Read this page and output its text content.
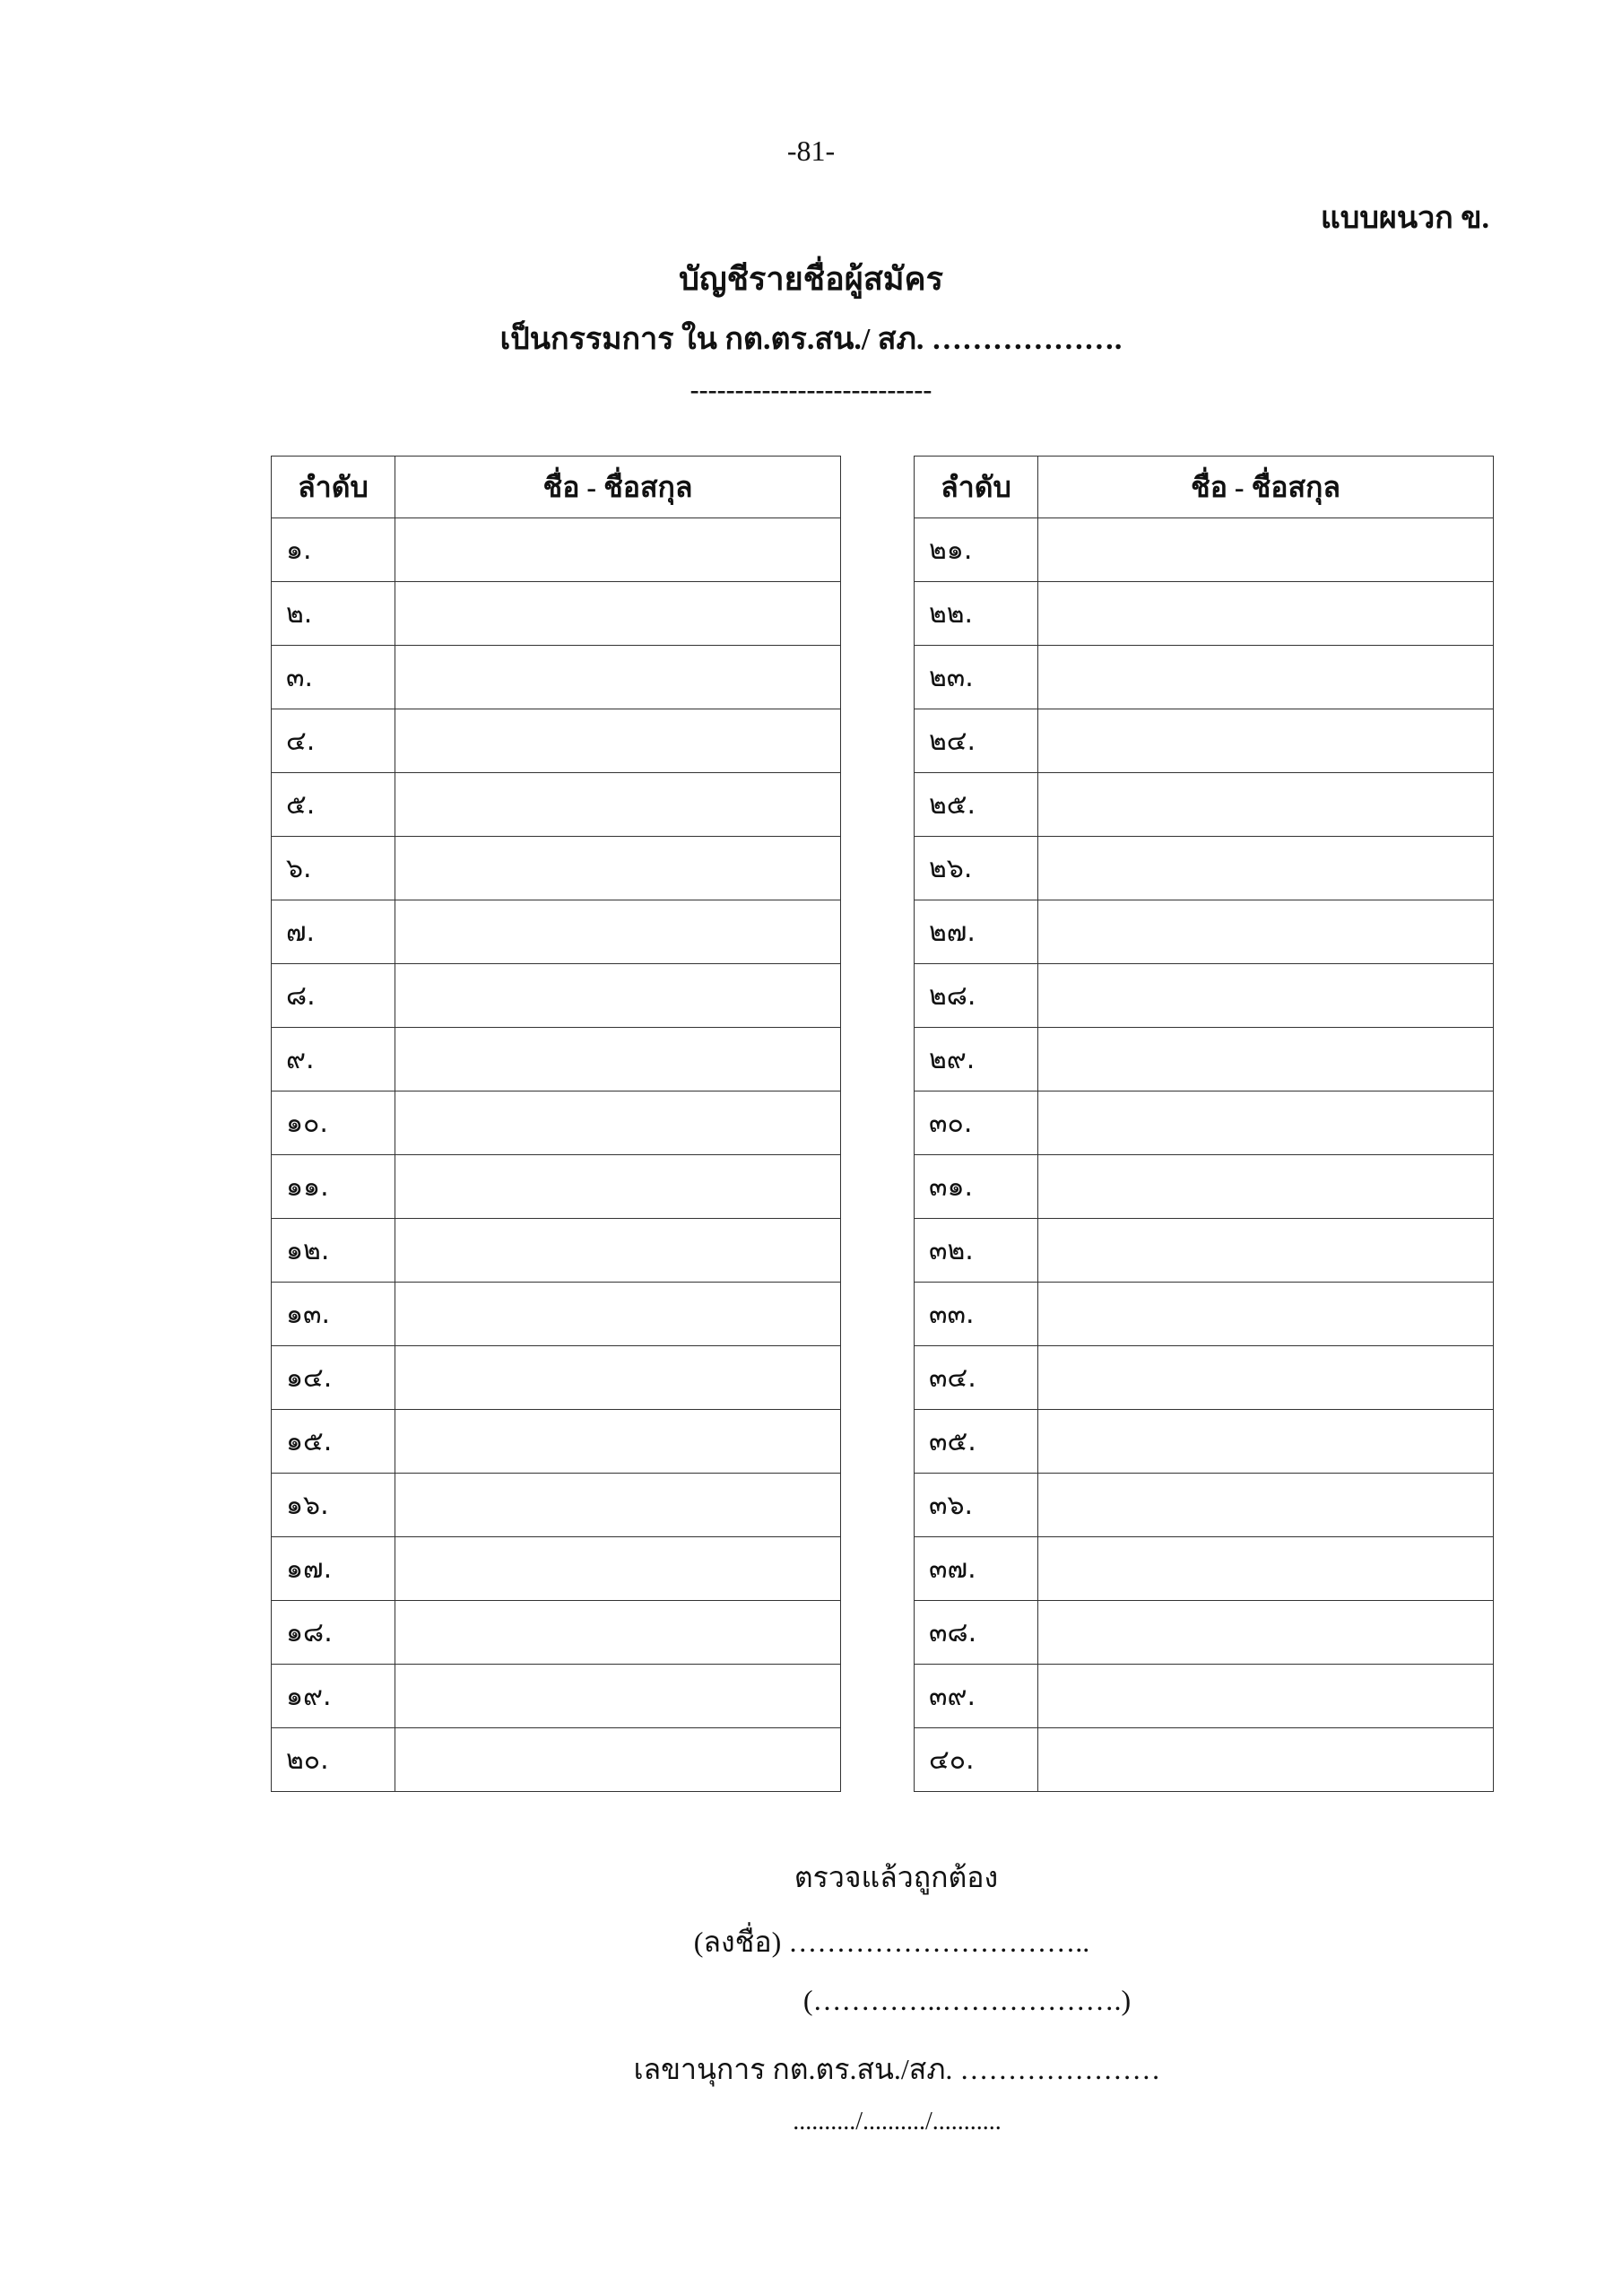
-81-
แบบผนวก ข.
บัญชีรายชื่อผู้สมัคร
เป็นกรรมการ ใน กต.ตร.สน./ สภ. ……………….
---------------------------
ลำดับ	ชื่อ - ชื่อสกุล
๑.	
๒.	
๓.	
๔.	
๕.	
๖.	
๗.	
๘.	
๙.	
๑๐.	
๑๑.	
๑๒.	
๑๓.	
๑๔.	
๑๕.	
๑๖.	
๑๗.	
๑๘.	
๑๙.	
๒๐.	
ลำดับ	ชื่อ - ชื่อสกุล
๒๑.	
๒๒.	
๒๓.	
๒๔.	
๒๕.	
๒๖.	
๒๗.	
๒๘.	
๒๙.	
๓๐.	
๓๑.	
๓๒.	
๓๓.	
๓๔.	
๓๕.	
๓๖.	
๓๗.	
๓๘.	
๓๙.	
๔๐.	
ตรวจแล้วถูกต้อง
(ลงชื่อ) …………………………..
(…………..……………….)
เลขานุการ กต.ตร.สน./สภ. …………………
........../........../...........
